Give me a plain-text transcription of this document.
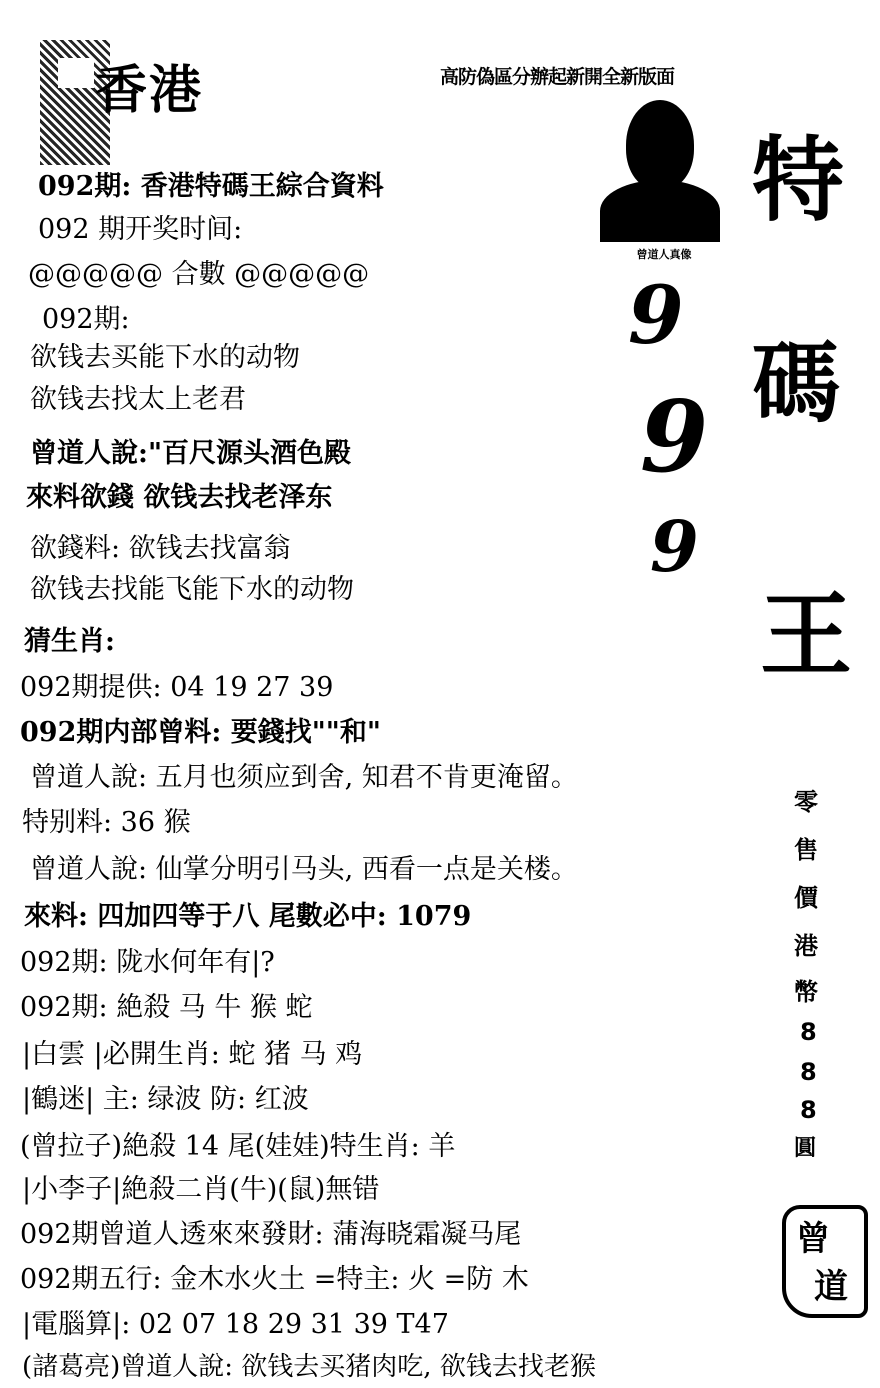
香港	高防偽區分辦起新開全新版面
092期: 香港特碼王綜合資料
092 期开奖时间:
@@@@@ 合數 @@@@@
092期:
欲钱去买能下水的动物
欲钱去找太上老君
曾道人說:"百尺源头酒色殿
來料欲錢 欲钱去找老泽东
欲錢料: 欲钱去找富翁
欲钱去找能飞能下水的动物
猜生肖:
092期提供: 04 19 27 39
092期内部曾料: 要錢找""和"
曾道人說: 五月也须应到舍, 知君不肯更淹留。
特别料: 36 猴
曾道人說: 仙掌分明引马头, 西看一点是关楼。
來料: 四加四等于八 尾數必中: 1079
092期: 陇水何年有|?
092期: 絶殺 马 牛 猴 蛇
|白雲 |必開生肖: 蛇 猪 马 鸡
|鶴迷| 主: 绿波 防: 红波
(曾拉子)絶殺 14 尾(娃娃)特生肖: 羊
|小李子|絶殺二肖(牛)(鼠)無错
092期曾道人透來來發財: 蒲海晓霜凝马尾
092期五行: 金木水火土 =特主: 火 =防 木
|電腦算|: 02 07 18 29 31 39 T47
(諸葛亮)曾道人說: 欲钱去买猪肉吃, 欲钱去找老猴
曾道人真像
9
9
9
特
碼
王
零
售
價
港
幣
8
8
8
圓
曾
道
